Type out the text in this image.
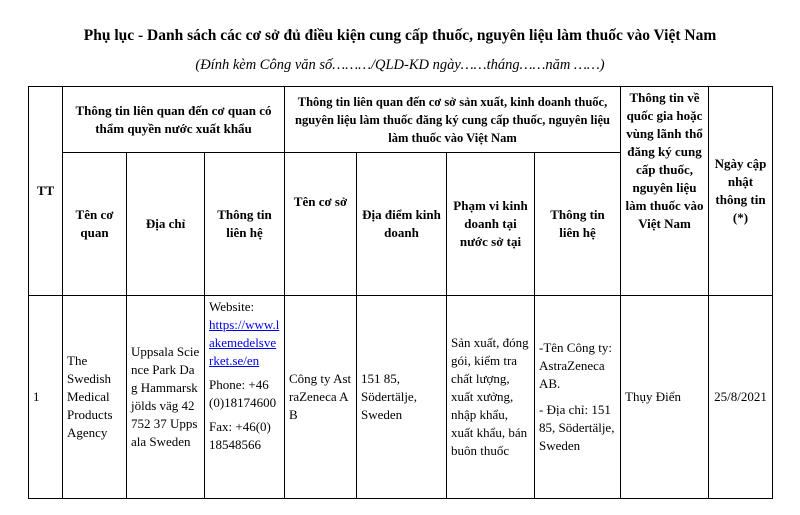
Phụ lục - Danh sách các cơ sở đủ điều kiện cung cấp thuốc, nguyên liệu làm thuốc vào Việt Nam
(Đính kèm Công văn số………/QLD-KD ngày……tháng……năm ……)
TT	Thông tin liên quan đến cơ quan có thẩm quyền nước xuất khẩu			Thông tin liên quan đến cơ sở sản xuất, kinh doanh thuốc, nguyên liệu làm thuốc đăng ký cung cấp thuốc, nguyên liệu làm thuốc vào Việt Nam				Thông tin về quốc gia hoặc vùng lãnh thổ đăng ký cung cấp thuốc, nguyên liệu làm thuốc vào Việt Nam	Ngày cập nhật thông tin (*)
	Tên cơ quan	Địa chỉ	Thông tin liên hệ	Tên cơ sở	Địa điểm kinh doanh	Phạm vi kinh doanh tại nước sở tại	Thông tin liên hệ		
1	The Swedish Medical Products Agency	Uppsala Science Park Dag Hammarskjölds väg 42 752 37 Uppsala Sweden	Website:
https://www.lakemedelsverket.se/en
Phone: +46(0)18174600
Fax: +46(0) 18548566	Công ty AstraZeneca AB	151 85, Södertälje, Sweden	Sản xuất, đóng gói, kiểm tra chất lượng, xuất xưởng, nhập khẩu, xuất khẩu, bán buôn thuốc	-Tên Công ty: AstraZeneca AB.
- Địa chỉ: 151 85, Södertälje, Sweden	Thụy Điển	25/8/2021
